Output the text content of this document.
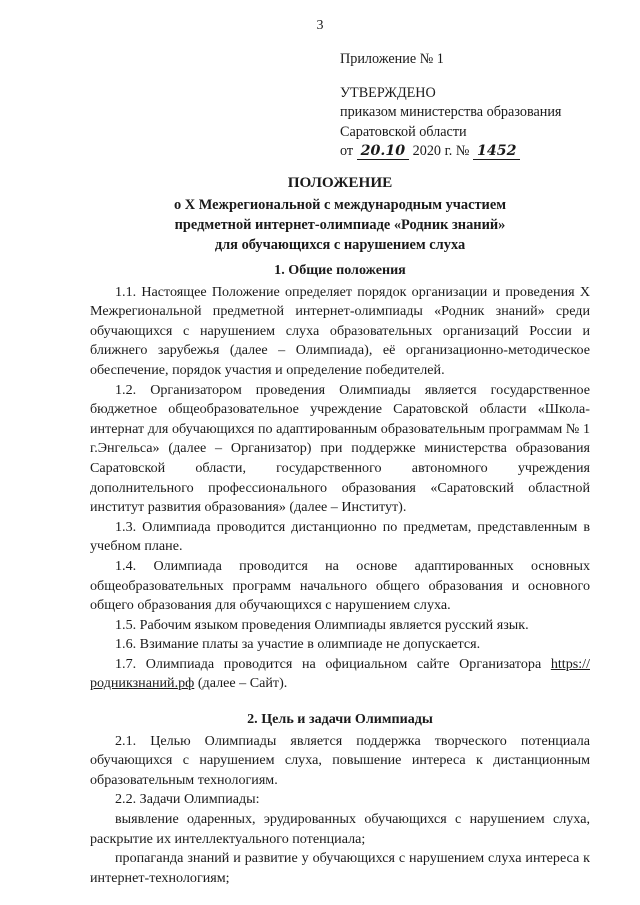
3
Приложение № 1
УТВЕРЖДЕНО
приказом министерства образования
Саратовской области
от 20.10 2020 г. № 1452
ПОЛОЖЕНИЕ
о X Межрегиональной с международным участием
предметной интернет-олимпиаде «Родник знаний»
для обучающихся с нарушением слуха
1. Общие положения

1.1. Настоящее Положение определяет порядок организации и проведения X Межрегиональной предметной интернет-олимпиады «Родник знаний» среди обучающихся с нарушением слуха образовательных организаций России и ближнего зарубежья (далее – Олимпиада), её организационно-методическое обеспечение, порядок участия и определение победителей.

1.2. Организатором проведения Олимпиады является государственное бюджетное общеобразовательное учреждение Саратовской области «Школа-интернат для обучающихся по адаптированным образовательным программам № 1 г.Энгельса» (далее – Организатор) при поддержке министерства образования Саратовской области, государственного автономного учреждения дополнительного профессионального образования «Саратовский областной институт развития образования» (далее – Институт).

1.3. Олимпиада проводится дистанционно по предметам, представленным в учебном плане.

1.4. Олимпиада проводится на основе адаптированных основных общеобразовательных программ начального общего образования и основного общего образования для обучающихся с нарушением слуха.

1.5. Рабочим языком проведения Олимпиады является русский язык.

1.6. Взимание платы за участие в олимпиаде не допускается.

1.7. Олимпиада проводится на официальном сайте Организатора https://родникзнаний.рф (далее – Сайт).

2. Цель и задачи Олимпиады

2.1. Целью Олимпиады является поддержка творческого потенциала обучающихся с нарушением слуха, повышение интереса к дистанционным образовательным технологиям.

2.2. Задачи Олимпиады:

выявление одаренных, эрудированных обучающихся с нарушением слуха, раскрытие их интеллектуального потенциала;

пропаганда знаний и развитие у обучающихся с нарушением слуха интереса к интернет-технологиям;
